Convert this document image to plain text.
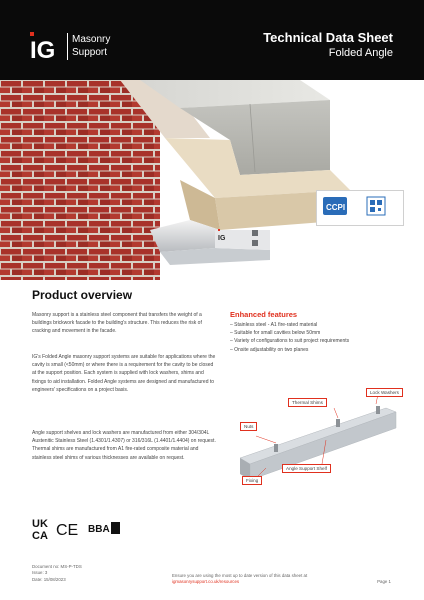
IG Masonry
Support
Technical Data Sheet
Folded Angle
IG
CCPI
Product overview

Masonry support is a stainless steel component that transfers the weight of a buildings brickwork facade to the building's structure. This reduces the risk of cracking and movement in the facade.

IG's Folded Angle masonry support systems are suitable for applications where the cavity is small (<50mm) or where there is a requirement for the cavity to be closed at the support position. Each system is supplied with lock washers, shims and fixings to aid installation. Folded Angle systems are designed and manufactured to engineers' specifications on a project basis.

Angle support shelves and lock washers are manufactured from either 304/304L Austenitic Stainless Steel (1.4301/1.4307) or 316/316L (1.4401/1.4404) on request. Thermal shims are manufactured from A1 fire-rated composite material and stainless steel shims of various thicknesses are available on request.

Enhanced features
– Stainless steel - A1 fire-rated material
– Suitable for small cavities below 50mm
– Variety of configurations to suit project requirements
– Onsite adjustability on two planes
Lock Washers
Thermal Shims
Nuts
Angle Support Shelf
Fixing
UK
CA CE BBA
Document no: MS-P-TDS
Issue: 3
Date: 15/08/2023
Ensure you are using the most up to date version of this data sheet at
igmasonrysupport.co.uk/resources	Page 1
